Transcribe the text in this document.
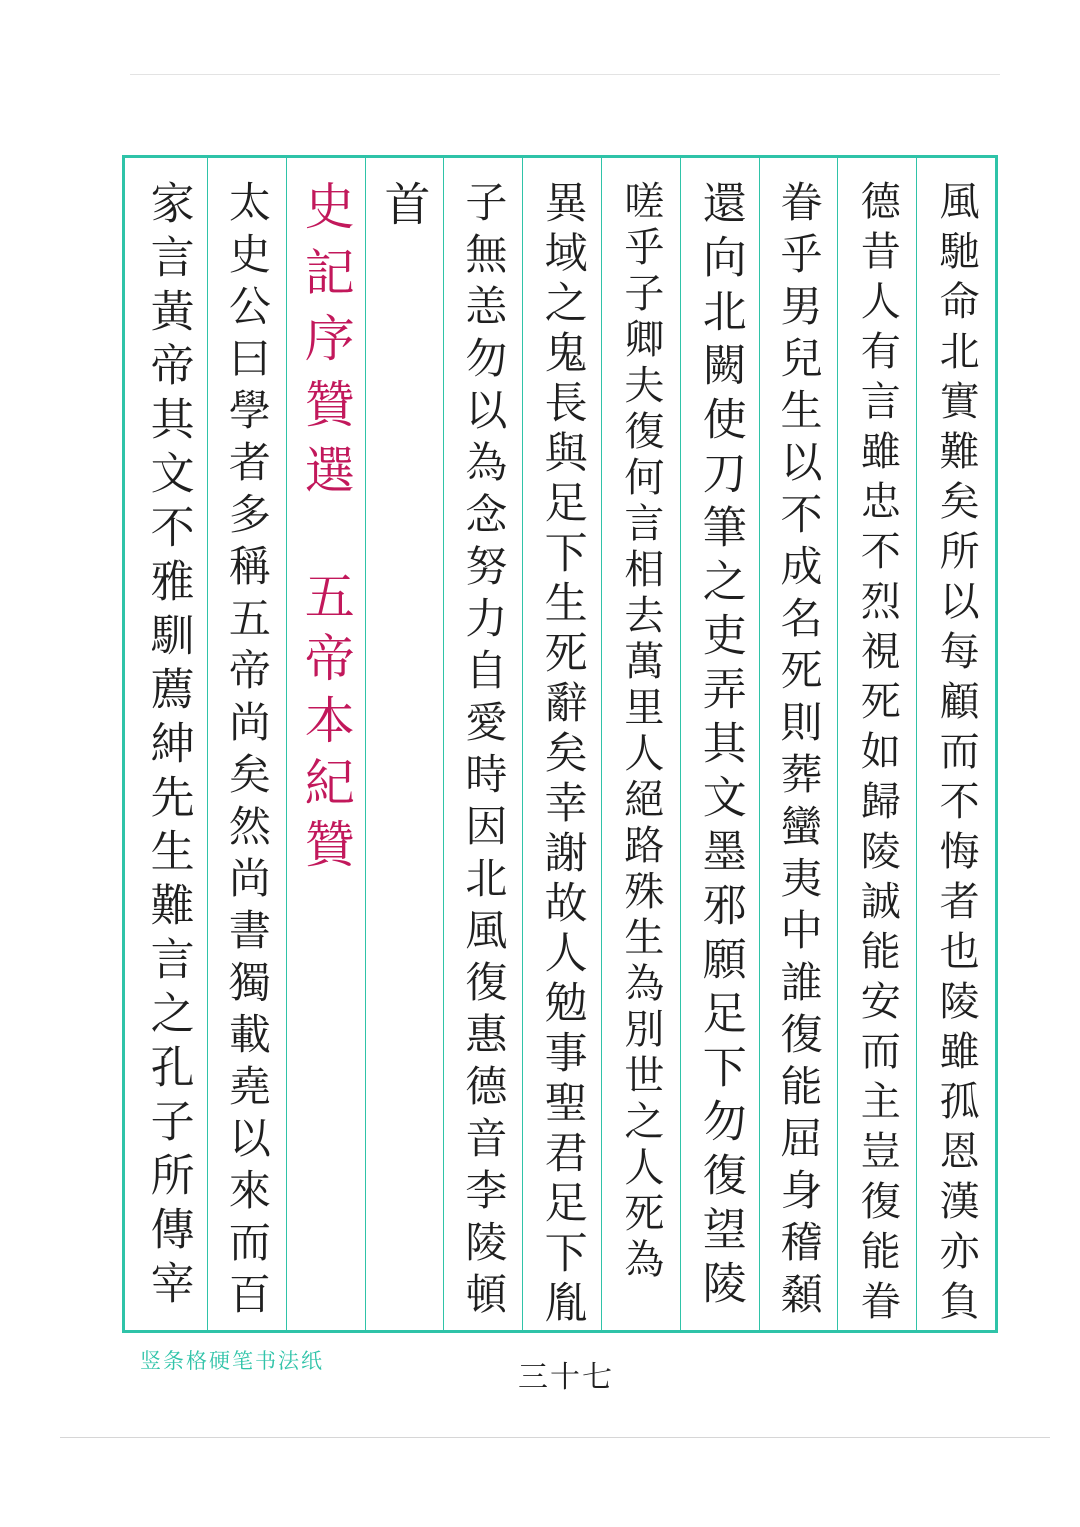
風馳命北實難矣所以每顧而不悔者也陵雖孤恩漢亦負
德昔人有言雖忠不烈視死如歸陵誠能安而主豈復能眷
眷乎男兒生以不成名死則葬蠻夷中誰復能屈身稽顙
還向北闕使刀筆之吏弄其文墨邪願足下勿復望陵
嗟乎子卿夫復何言相去萬里人絕路殊生為別世之人死為
異域之鬼長與足下生死辭矣幸謝故人勉事聖君足下胤
子無恙勿以為念努力自愛時因北風復惠德音李陵頓
首
史記序贊選
五帝本紀贊
太史公曰學者多稱五帝尚矣然尚書獨載堯以來而百
家言黃帝其文不雅馴薦紳先生難言之孔子所傳宰
竖条格硬笔书法纸	三十七
